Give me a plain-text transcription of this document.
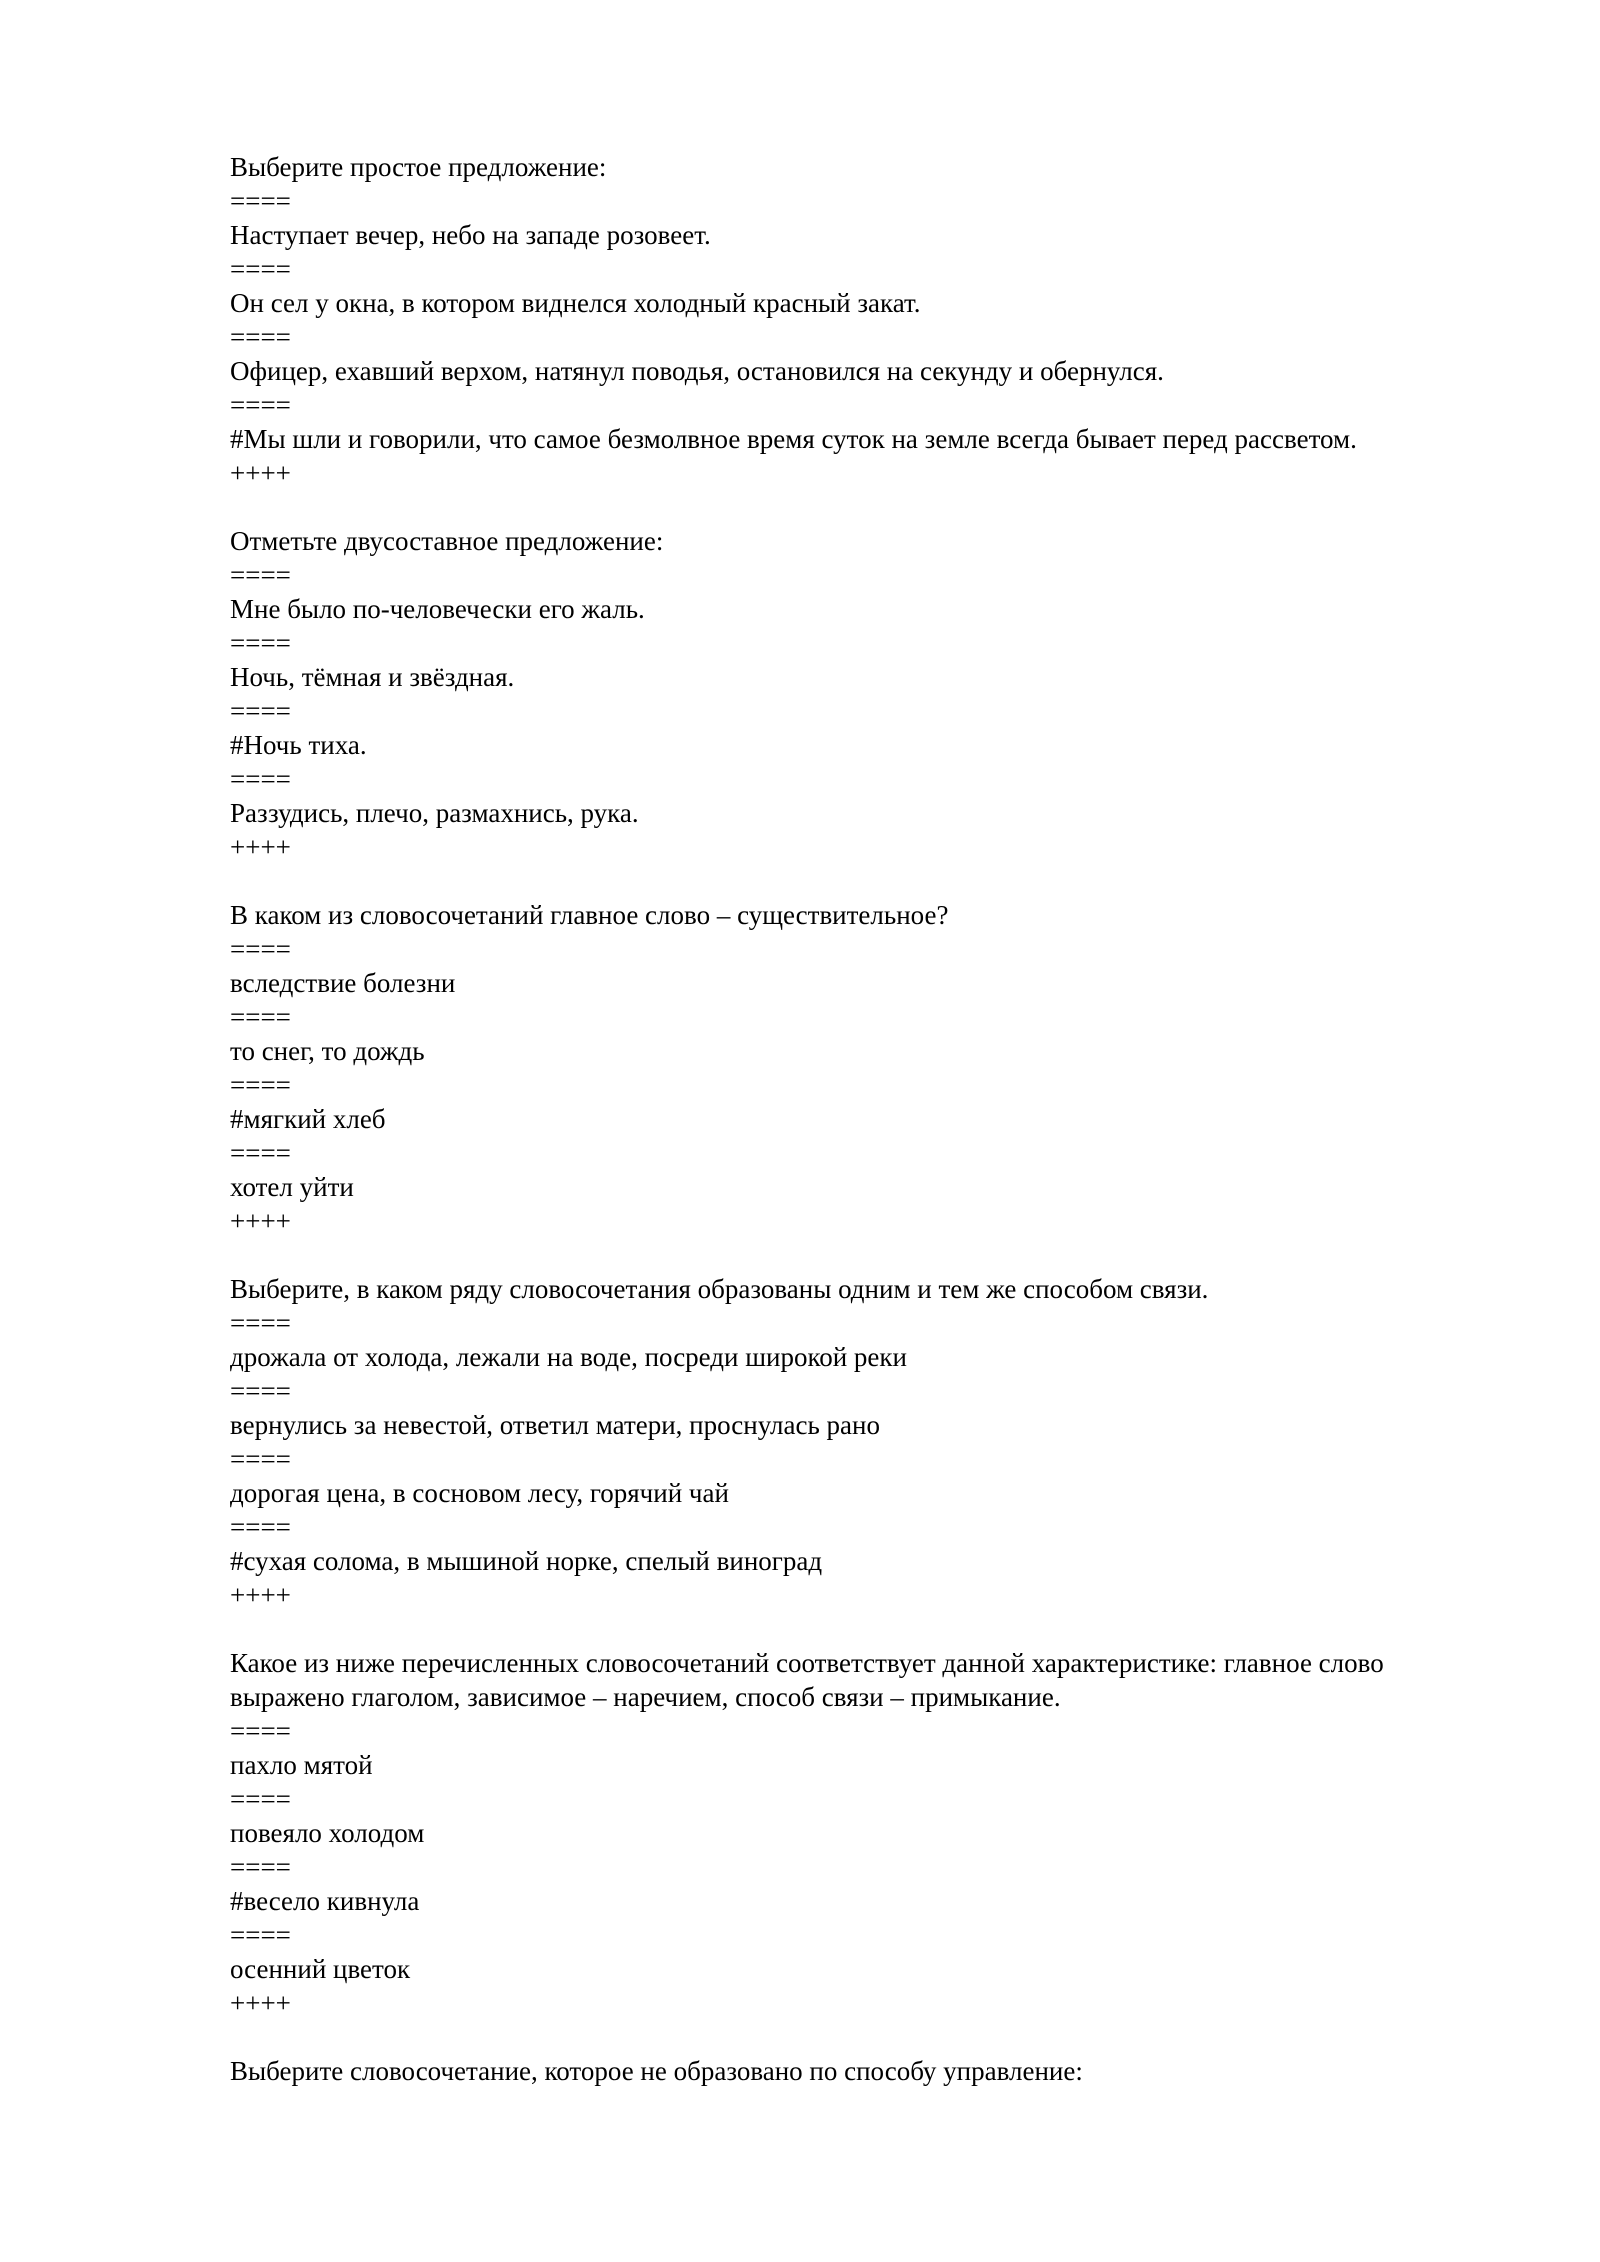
Выберите простое предложение:
====
Наступает вечер, небо на западе розовеет.
====
Он сел у окна, в котором виднелся холодный красный закат.
====
Офицер, ехавший верхом, натянул поводья, остановился на секунду и обернулся.
====
#Мы шли и говорили, что самое безмолвное время суток на земле всегда бывает перед рассветом.
++++
Отметьте двусоставное предложение:
====
Мне было по-человечески его жаль.
====
Ночь, тёмная и звёздная.
====
#Ночь тиха.
====
Раззудись, плечо, размахнись, рука.
++++
В каком из словосочетаний главное слово – существительное?
====
вследствие болезни
====
то снег, то дождь
====
#мягкий хлеб
====
хотел уйти
++++
Выберите, в каком ряду словосочетания образованы одним и тем же способом связи.
====
дрожала от холода, лежали на воде, посреди широкой реки
====
вернулись за невестой, ответил матери, проснулась рано
====
дорогая цена, в сосновом лесу, горячий чай
====
#сухая солома, в мышиной норке, спелый виноград
++++
Какое из ниже перечисленных словосочетаний соответствует данной характеристике: главное слово выражено глаголом, зависимое – наречием, способ связи – примыкание.
====
пахло мятой
====
повеяло холодом
====
#весело кивнула
====
осенний цветок
++++
Выберите словосочетание, которое не образовано по способу управление:
